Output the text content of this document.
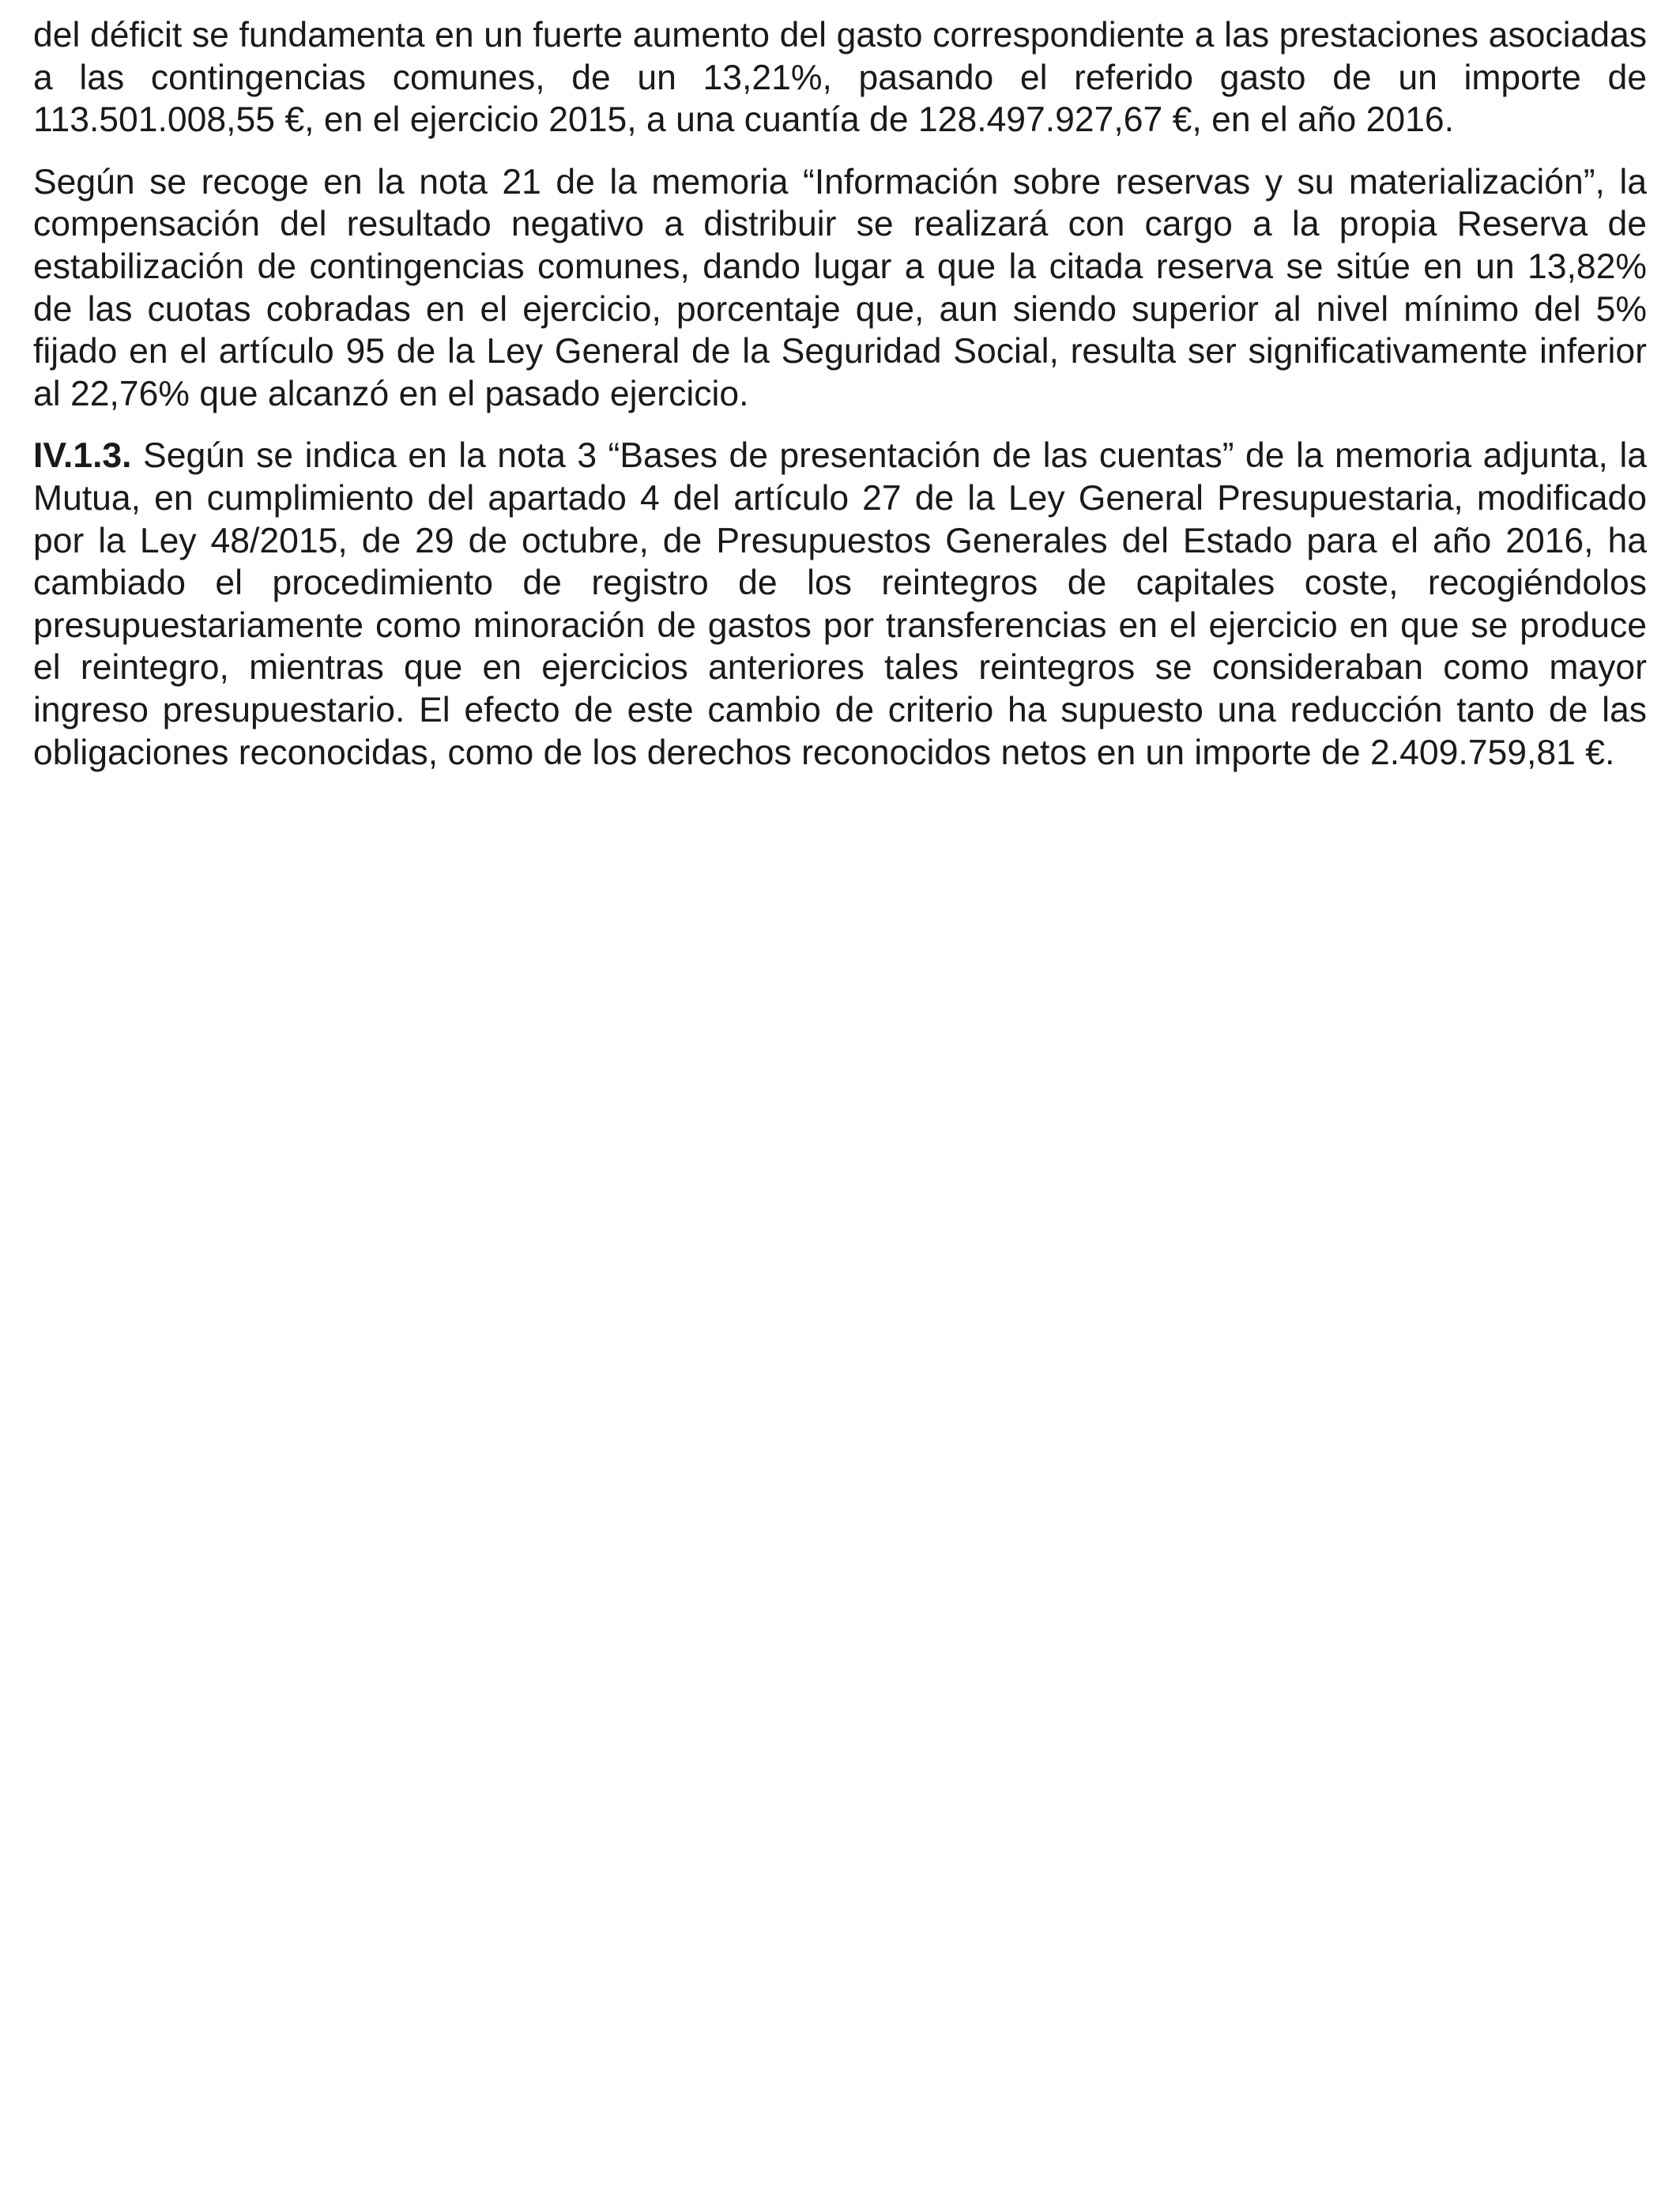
del déficit se fundamenta en un fuerte aumento del gasto correspondiente a las prestaciones asociadas a las contingencias comunes, de un 13,21%, pasando el referido gasto de un importe de 113.501.008,55 €, en el ejercicio 2015, a una cuantía de 128.497.927,67 €, en el año 2016.

Según se recoge en la nota 21 de la memoria “Información sobre reservas y su materialización”, la compensación del resultado negativo a distribuir se realizará con cargo a la propia Reserva de estabilización de contingencias comunes, dando lugar a que la citada reserva se sitúe en un 13,82% de las cuotas cobradas en el ejercicio, porcentaje que, aun siendo superior al nivel mínimo del 5% fijado en el artículo 95 de la Ley General de la Seguridad Social, resulta ser significativamente inferior al 22,76% que alcanzó en el pasado ejercicio.

IV.1.3. Según se indica en la nota 3 “Bases de presentación de las cuentas” de la memoria adjunta, la Mutua, en cumplimiento del apartado 4 del artículo 27 de la Ley General Presupuestaria, modificado por la Ley 48/2015, de 29 de octubre, de Presupuestos Generales del Estado para el año 2016, ha cambiado el procedimiento de registro de los reintegros de capitales coste, recogiéndolos presupuestariamente como minoración de gastos por transferencias en el ejercicio en que se produce el reintegro, mientras que en ejercicios anteriores tales reintegros se consideraban como mayor ingreso presupuestario. El efecto de este cambio de criterio ha supuesto una reducción tanto de las obligaciones reconocidas, como de los derechos reconocidos netos en un importe de 2.409.759,81 €.
